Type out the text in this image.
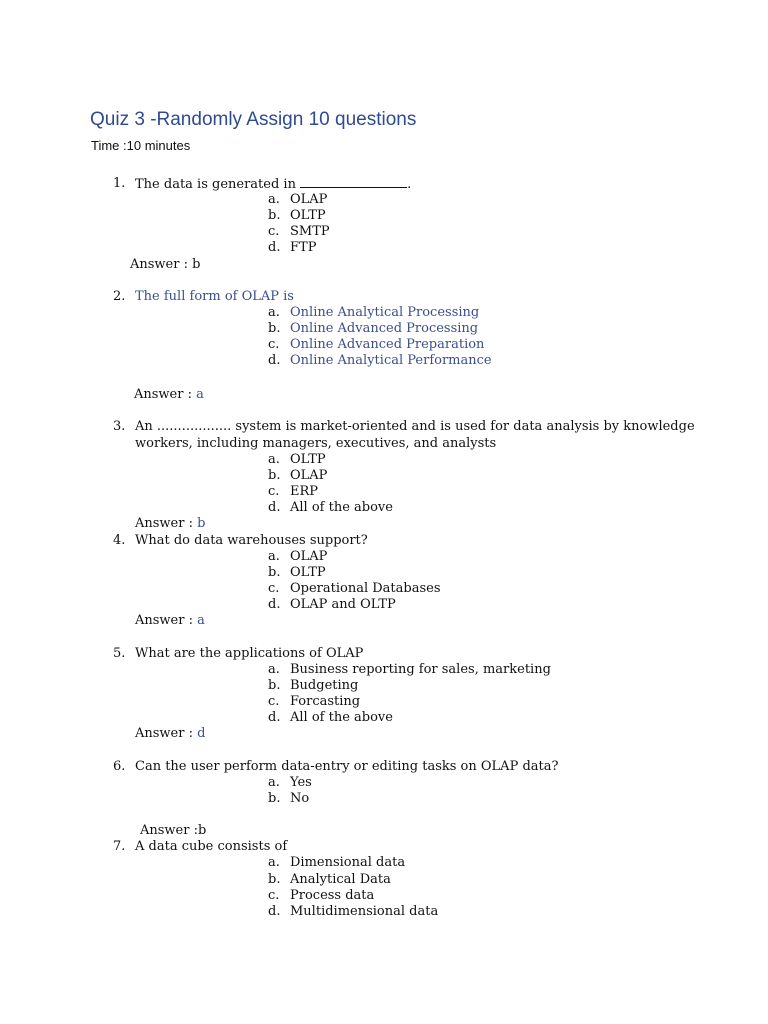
Quiz 3 -Randomly Assign 10 questions
Time :10 minutes
1. The data is generated in	.
a. OLAP
b. OLTP
c. SMTP
d. FTP
Answer : b
2. The full form of OLAP is
a. Online Analytical Processing
b. Online Advanced Processing
c. Online Advanced Preparation
d. Online Analytical Performance
Answer : a
3. An .................. system is market-oriented and is used for data analysis by knowledge
workers, including managers, executives, and analysts
a. OLTP
b. OLAP
c. ERP
d. All of the above
Answer : b
4. What do data warehouses support?
a. OLAP
b. OLTP
c. Operational Databases
d. OLAP and OLTP
Answer : a
5. What are the applications of OLAP
a. Business reporting for sales, marketing
b. Budgeting
c. Forcasting
d. All of the above
Answer : d
6. Can the user perform data-entry or editing tasks on OLAP data?
a. Yes
b. No
Answer :b
7. A data cube consists of
a. Dimensional data
b. Analytical Data
c. Process data
d. Multidimensional data
